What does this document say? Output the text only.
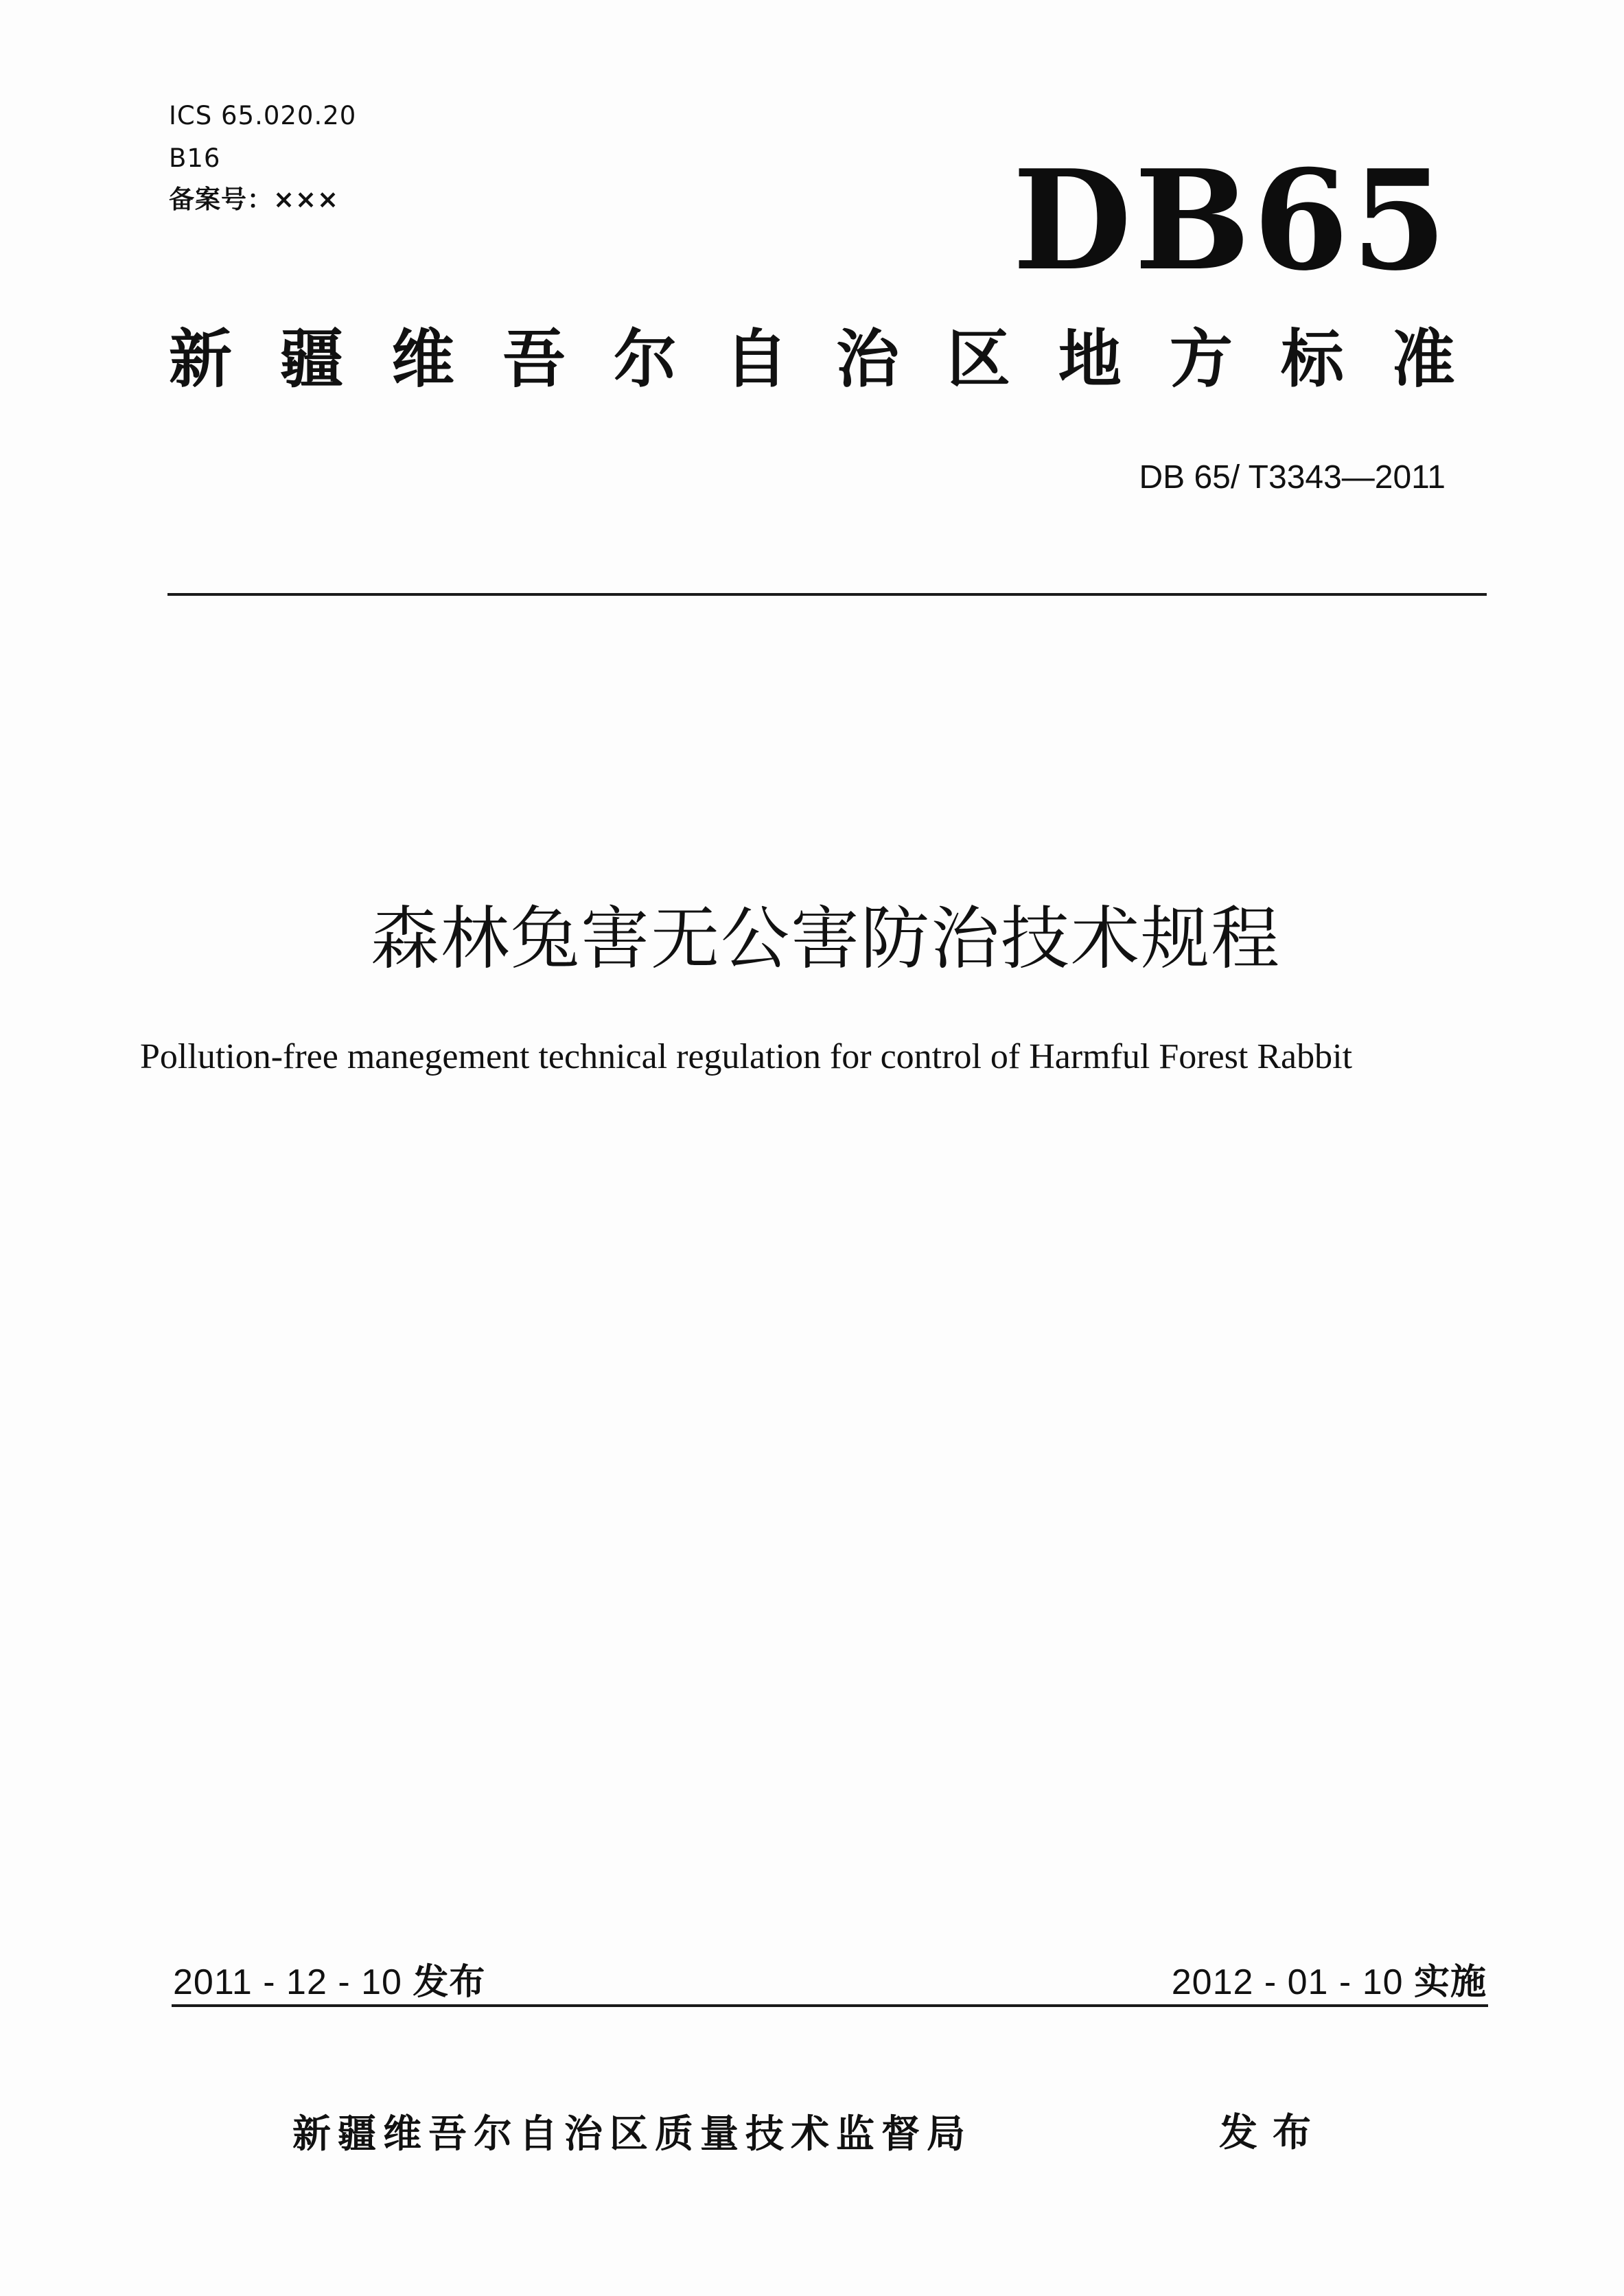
ICS 65.020.20
B16
备案号：×××	DB65
新 疆 维 吾 尔 自 治 区 地 方 标 准
DB 65/ T3343—2011
森林兔害无公害防治技术规程
Pollution-free manegement technical regulation for control of Harmful Forest Rabbit
2011 - 12 - 10 发布	2012 - 01 - 10 实施
新疆维吾尔自治区质量技术监督局	发布
